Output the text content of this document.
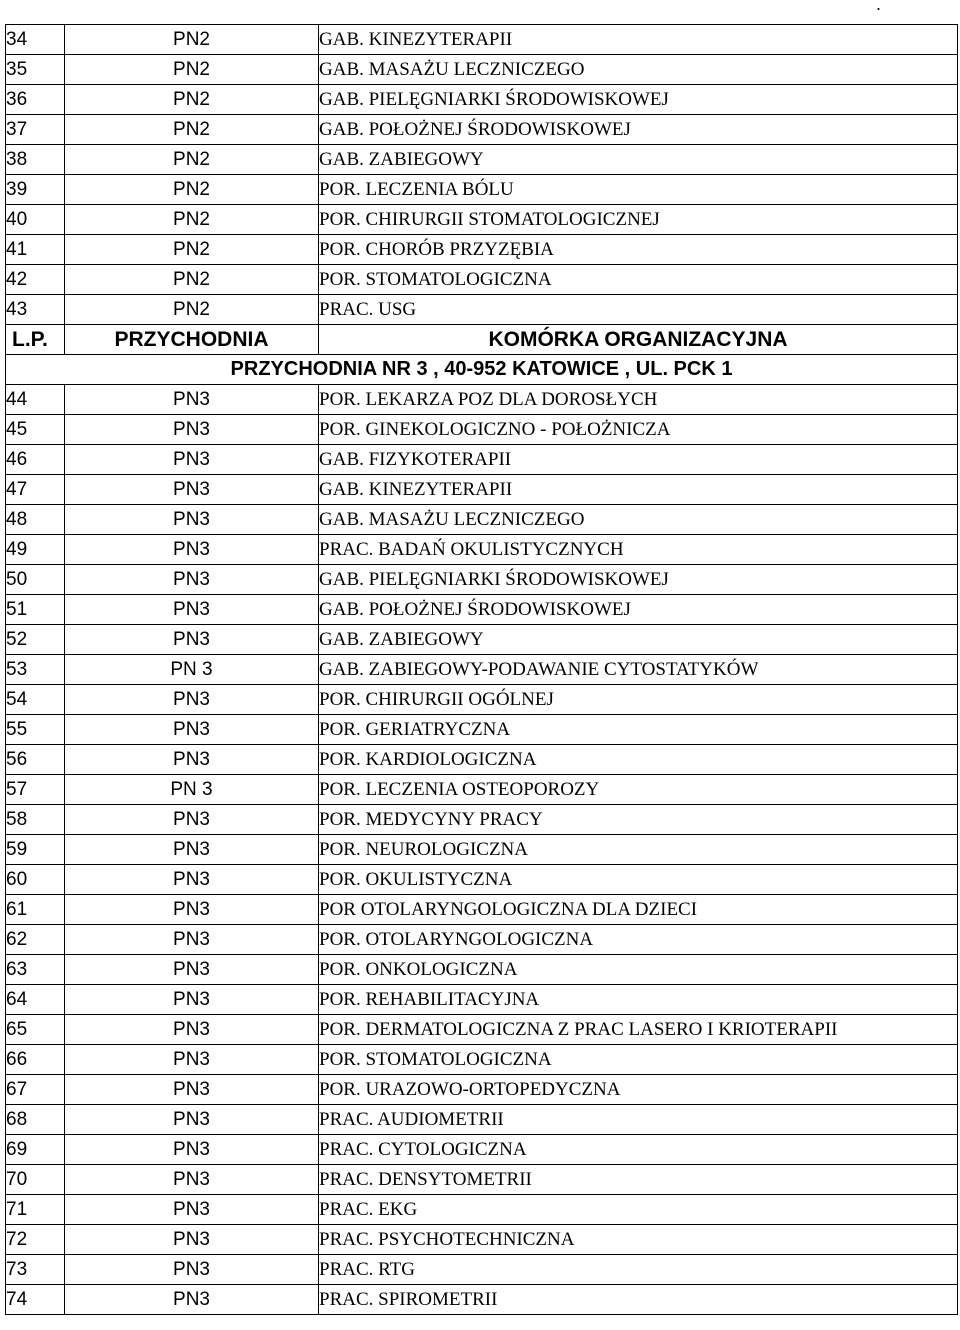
.
34	PN2	GAB. KINEZYTERAPII
35	PN2	GAB. MASAŻU LECZNICZEGO
36	PN2	GAB. PIELĘGNIARKI ŚRODOWISKOWEJ
37	PN2	GAB. POŁOŻNEJ ŚRODOWISKOWEJ
38	PN2	GAB. ZABIEGOWY
39	PN2	POR. LECZENIA BÓLU
40	PN2	POR. CHIRURGII STOMATOLOGICZNEJ
41	PN2	POR. CHORÓB PRZYZĘBIA
42	PN2	POR. STOMATOLOGICZNA
43	PN2	PRAC. USG
L.P.	PRZYCHODNIA	KOMÓRKA ORGANIZACYJNA
PRZYCHODNIA NR 3 , 40-952 KATOWICE , UL. PCK 1		
44	PN3	POR. LEKARZA POZ DLA DOROSŁYCH
45	PN3	POR. GINEKOLOGICZNO - POŁOŻNICZA
46	PN3	GAB. FIZYKOTERAPII
47	PN3	GAB. KINEZYTERAPII
48	PN3	GAB. MASAŻU LECZNICZEGO
49	PN3	PRAC. BADAŃ OKULISTYCZNYCH
50	PN3	GAB. PIELĘGNIARKI ŚRODOWISKOWEJ
51	PN3	GAB. POŁOŻNEJ ŚRODOWISKOWEJ
52	PN3	GAB. ZABIEGOWY
53	PN 3	GAB. ZABIEGOWY-PODAWANIE CYTOSTATYKÓW
54	PN3	POR. CHIRURGII OGÓLNEJ
55	PN3	POR. GERIATRYCZNA
56	PN3	POR. KARDIOLOGICZNA
57	PN 3	POR. LECZENIA OSTEOPOROZY
58	PN3	POR. MEDYCYNY PRACY
59	PN3	POR. NEUROLOGICZNA
60	PN3	POR. OKULISTYCZNA
61	PN3	POR OTOLARYNGOLOGICZNA DLA DZIECI
62	PN3	POR. OTOLARYNGOLOGICZNA
63	PN3	POR. ONKOLOGICZNA
64	PN3	POR. REHABILITACYJNA
65	PN3	POR. DERMATOLOGICZNA Z PRAC LASERO I KRIOTERAPII
66	PN3	POR. STOMATOLOGICZNA
67	PN3	POR. URAZOWO-ORTOPEDYCZNA
68	PN3	PRAC. AUDIOMETRII
69	PN3	PRAC. CYTOLOGICZNA
70	PN3	PRAC. DENSYTOMETRII
71	PN3	PRAC. EKG
72	PN3	PRAC. PSYCHOTECHNICZNA
73	PN3	PRAC. RTG
74	PN3	PRAC. SPIROMETRII
